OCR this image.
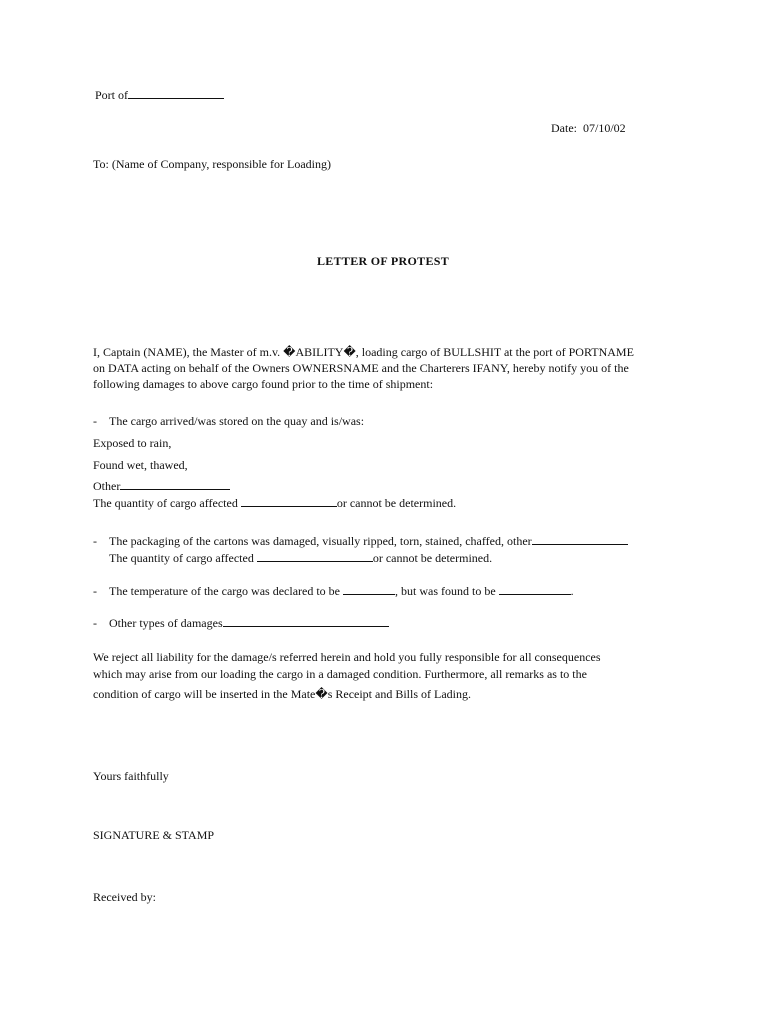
Port of
Date: 07/10/02
To: (Name of Company, responsible for Loading)
LETTER OF PROTEST
I, Captain (NAME), the Master of m.v. �ABILITY�, loading cargo of BULLSHIT at the port of PORTNAME
on DATA acting on behalf of the Owners OWNERSNAME and the Charterers IFANY, hereby notify you of the
following damages to above cargo found prior to the time of shipment:
- The cargo arrived/was stored on the quay and is/was:
Exposed to rain,
Found wet, thawed,
Other
The quantity of cargo affected	or cannot be determined.
- The packaging of the cartons was damaged, visually ripped, torn, stained, chaffed, other
The quantity of cargo affected	or cannot be determined.
- The temperature of the cargo was declared to be	, but was found to be	.
- Other types of damages
We reject all liability for the damage/s referred herein and hold you fully responsible for all consequences
which may arise from our loading the cargo in a damaged condition. Furthermore, all remarks as to the
condition of cargo will be inserted in the Mate�s Receipt and Bills of Lading.
Yours faithfully
SIGNATURE & STAMP
Received by:
